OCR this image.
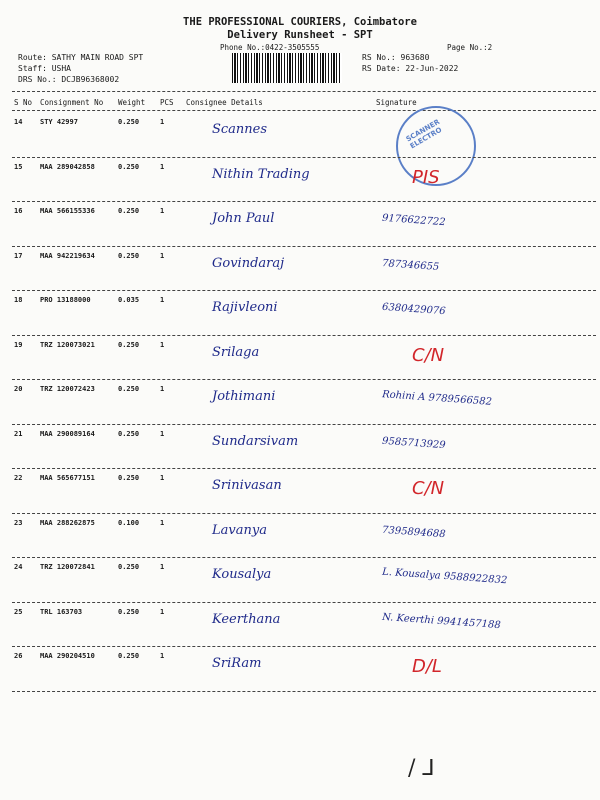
THE PROFESSIONAL COURIERS, Coimbatore
Delivery Runsheet - SPT
Phone No.:0422-3505555	Page No.:2
Route: SATHY MAIN ROAD SPT
Staff: USHA
DRS No.: DCJB96368002
RS No.: 963680
RS Date: 22-Jun-2022
S No Consignment No Weight PCS Consignee Details	Signature
SCANNER ELECTRO
14	STY 42997	0.250	1	Scannes
15	MAA 289042858	0.250	1	Nithin Trading	PIS
16	MAA 566155336	0.250	1	John Paul	9176622722
17	MAA 942219634	0.250	1	Govindaraj	787346655
18	PRO 13188000	0.035	1	Rajivleoni	6380429076
19	TRZ 120073021	0.250	1	Srilaga	C/N
20	TRZ 120072423	0.250	1	Jothimani	Rohini A 9789566582
21	MAA 290089164	0.250	1	Sundarsivam	9585713929
22	MAA 565677151	0.250	1	Srinivasan	C/N
23	MAA 288262875	0.100	1	Lavanya	7395894688
24	TRZ 120072841	0.250	1	Kousalya	L. Kousalya 9588922832
25	TRL 163703	0.250	1	Keerthana	N. Keerthi 9941457188
26	MAA 290204510	0.250	1	SriRam	D/L
/ ⅃
